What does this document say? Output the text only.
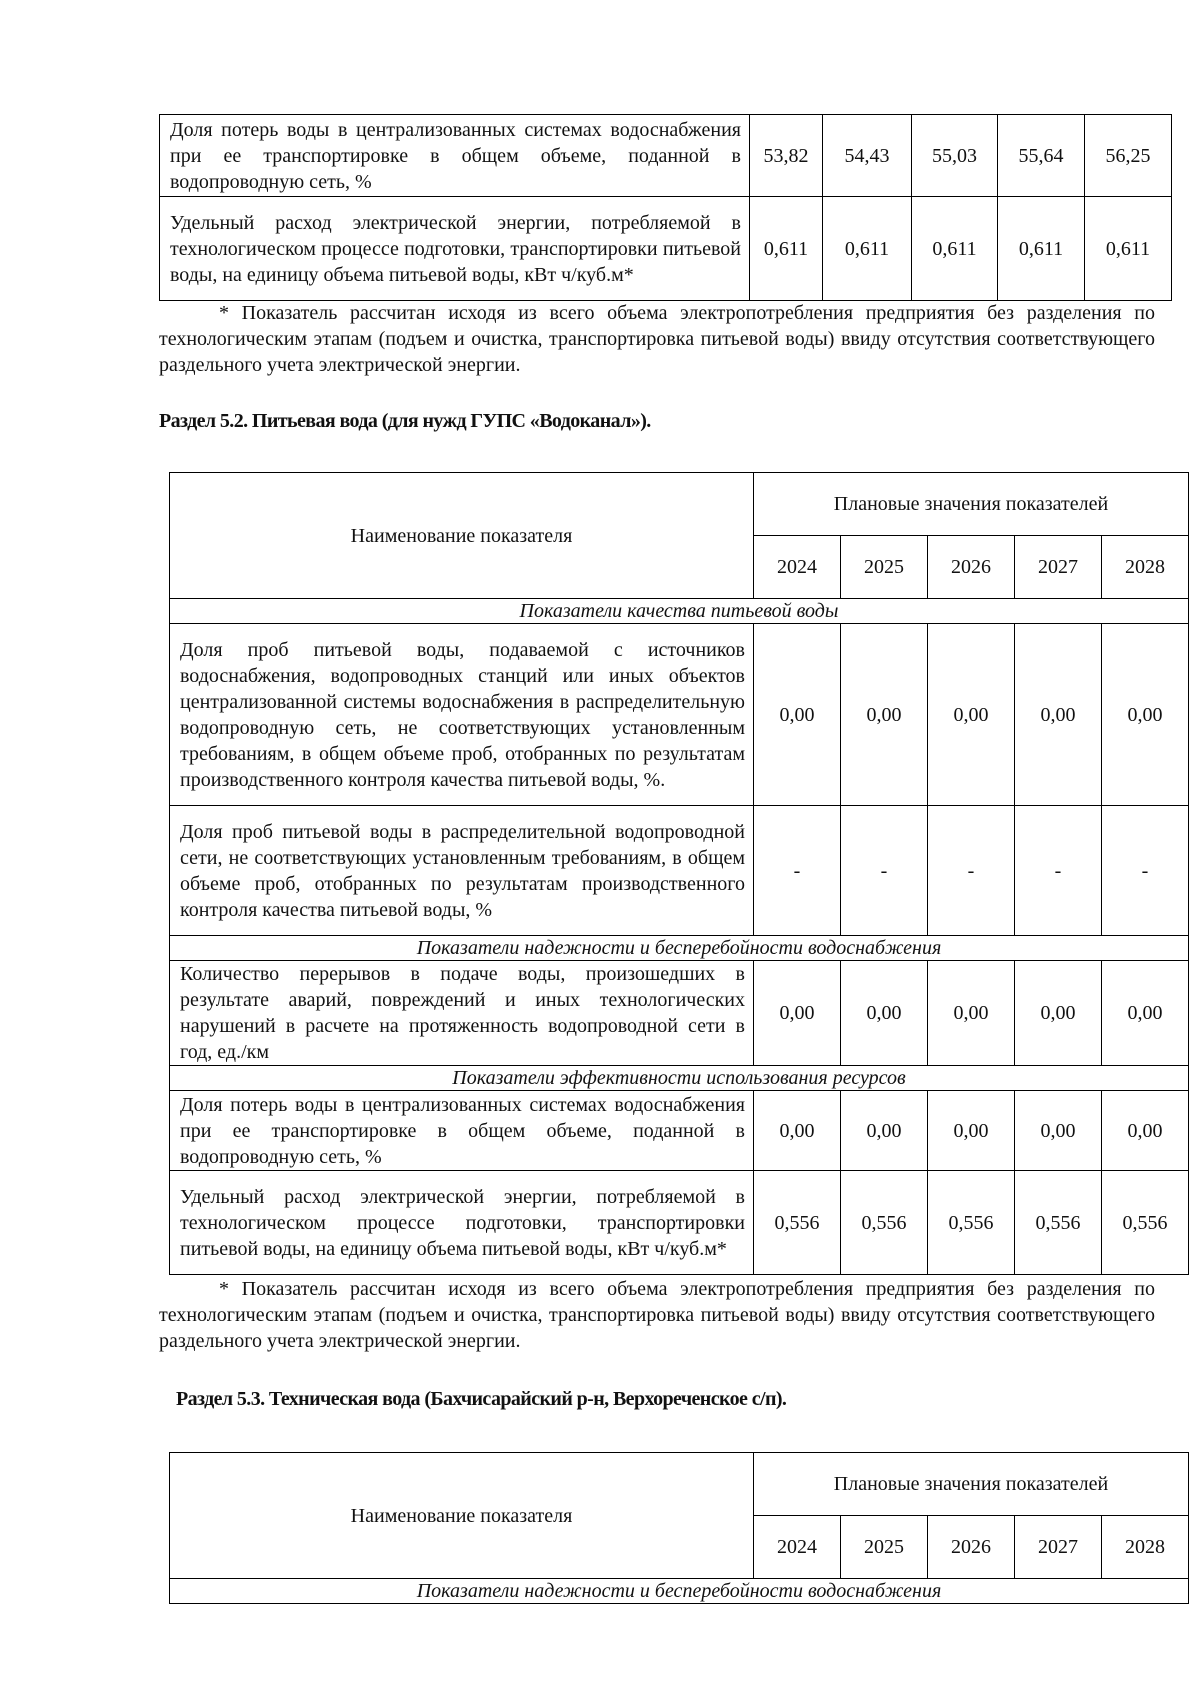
Доля потерь воды в централизованных системах водоснабжения при ее транспортировке в общем объеме, поданной в водопроводную сеть, %	53,82	54,43	55,03	55,64	56,25
Удельный расход электрической энергии, потребляемой в технологическом процессе подготовки, транспортировки питьевой воды, на единицу объема питьевой воды, кВт ч/куб.м*	0,611	0,611	0,611	0,611	0,611

* Показатель рассчитан исходя из всего объема электропотребления предприятия без разделения по технологическим этапам (подъем и очистка, транспортировка питьевой воды) ввиду отсутствия соответствующего раздельного учета электрической энергии.

Раздел 5.2. Питьевая вода (для нужд ГУПС «Водоканал»).
Наименование показателя	Плановые значения показателей				
	2024	2025	2026	2027	2028
Показатели качества питьевой воды					
Доля проб питьевой воды, подаваемой с источников водоснабжения, водопроводных станций или иных объектов централизованной системы водоснабжения в распределительную водопроводную сеть, не соответствующих установленным требованиям, в общем объеме проб, отобранных по результатам производственного контроля качества питьевой воды, %.	0,00	0,00	0,00	0,00	0,00
Доля проб питьевой воды в распределительной водопроводной сети, не соответствующих установленным требованиям, в общем объеме проб, отобранных по результатам производственного контроля качества питьевой воды, %	-	-	-	-	-
Показатели надежности и бесперебойности водоснабжения					
Количество перерывов в подаче воды, произошедших в результате аварий, повреждений и иных технологических нарушений в расчете на протяженность водопроводной сети в год, ед./км	0,00	0,00	0,00	0,00	0,00
Показатели эффективности использования ресурсов					
Доля потерь воды в централизованных системах водоснабжения при ее транспортировке в общем объеме, поданной в водопроводную сеть, %	0,00	0,00	0,00	0,00	0,00
Удельный расход электрической энергии, потребляемой в технологическом процессе подготовки, транспортировки питьевой воды, на единицу объема питьевой воды, кВт ч/куб.м*	0,556	0,556	0,556	0,556	0,556

* Показатель рассчитан исходя из всего объема электропотребления предприятия без разделения по технологическим этапам (подъем и очистка, транспортировка питьевой воды) ввиду отсутствия соответствующего раздельного учета электрической энергии.

Раздел 5.3. Техническая вода (Бахчисарайский р-н, Верхореченское с/п).
Наименование показателя	Плановые значения показателей				
	2024	2025	2026	2027	2028
Показатели надежности и бесперебойности водоснабжения					
